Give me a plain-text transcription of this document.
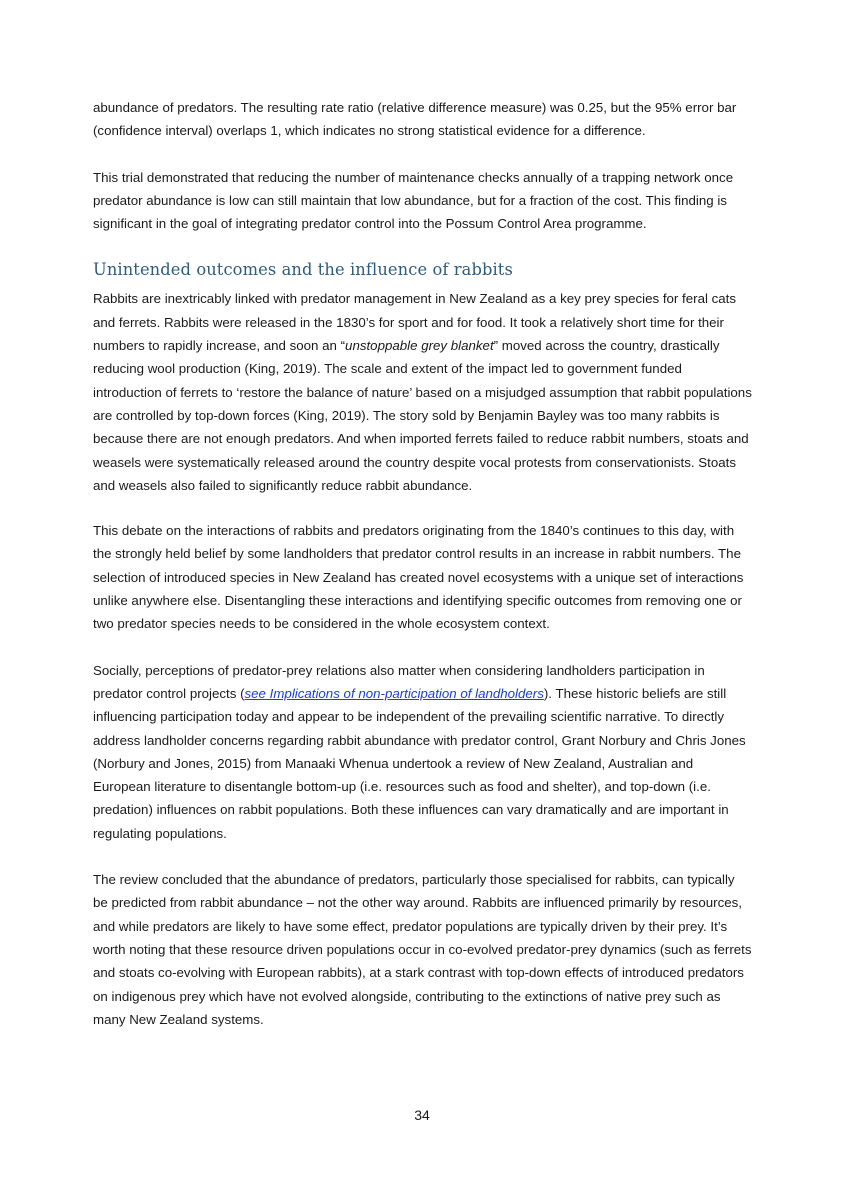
abundance of predators. The resulting rate ratio (relative difference measure) was 0.25, but the 95% error bar (confidence interval) overlaps 1, which indicates no strong statistical evidence for a difference.

This trial demonstrated that reducing the number of maintenance checks annually of a trapping network once predator abundance is low can still maintain that low abundance, but for a fraction of the cost. This finding is significant in the goal of integrating predator control into the Possum Control Area programme.

Unintended outcomes and the influence of rabbits

Rabbits are inextricably linked with predator management in New Zealand as a key prey species for feral cats and ferrets. Rabbits were released in the 1830’s for sport and for food. It took a relatively short time for their numbers to rapidly increase, and soon an “unstoppable grey blanket” moved across the country, drastically reducing wool production (King, 2019). The scale and extent of the impact led to government funded introduction of ferrets to ‘restore the balance of nature’ based on a misjudged assumption that rabbit populations are controlled by top-down forces (King, 2019). The story sold by Benjamin Bayley was too many rabbits is because there are not enough predators. And when imported ferrets failed to reduce rabbit numbers, stoats and weasels were systematically released around the country despite vocal protests from conservationists. Stoats and weasels also failed to significantly reduce rabbit abundance.

This debate on the interactions of rabbits and predators originating from the 1840’s continues to this day, with the strongly held belief by some landholders that predator control results in an increase in rabbit numbers. The selection of introduced species in New Zealand has created novel ecosystems with a unique set of interactions unlike anywhere else. Disentangling these interactions and identifying specific outcomes from removing one or two predator species needs to be considered in the whole ecosystem context.

Socially, perceptions of predator-prey relations also matter when considering landholders participation in predator control projects (see Implications of non-participation of landholders). These historic beliefs are still influencing participation today and appear to be independent of the prevailing scientific narrative. To directly address landholder concerns regarding rabbit abundance with predator control, Grant Norbury and Chris Jones (Norbury and Jones, 2015) from Manaaki Whenua undertook a review of New Zealand, Australian and European literature to disentangle bottom-up (i.e. resources such as food and shelter), and top-down (i.e. predation) influences on rabbit populations. Both these influences can vary dramatically and are important in regulating populations.

The review concluded that the abundance of predators, particularly those specialised for rabbits, can typically be predicted from rabbit abundance – not the other way around. Rabbits are influenced primarily by resources, and while predators are likely to have some effect, predator populations are typically driven by their prey. It’s worth noting that these resource driven populations occur in co-evolved predator-prey dynamics (such as ferrets and stoats co-evolving with European rabbits), at a stark contrast with top-down effects of introduced predators on indigenous prey which have not evolved alongside, contributing to the extinctions of native prey such as many New Zealand systems.

34
